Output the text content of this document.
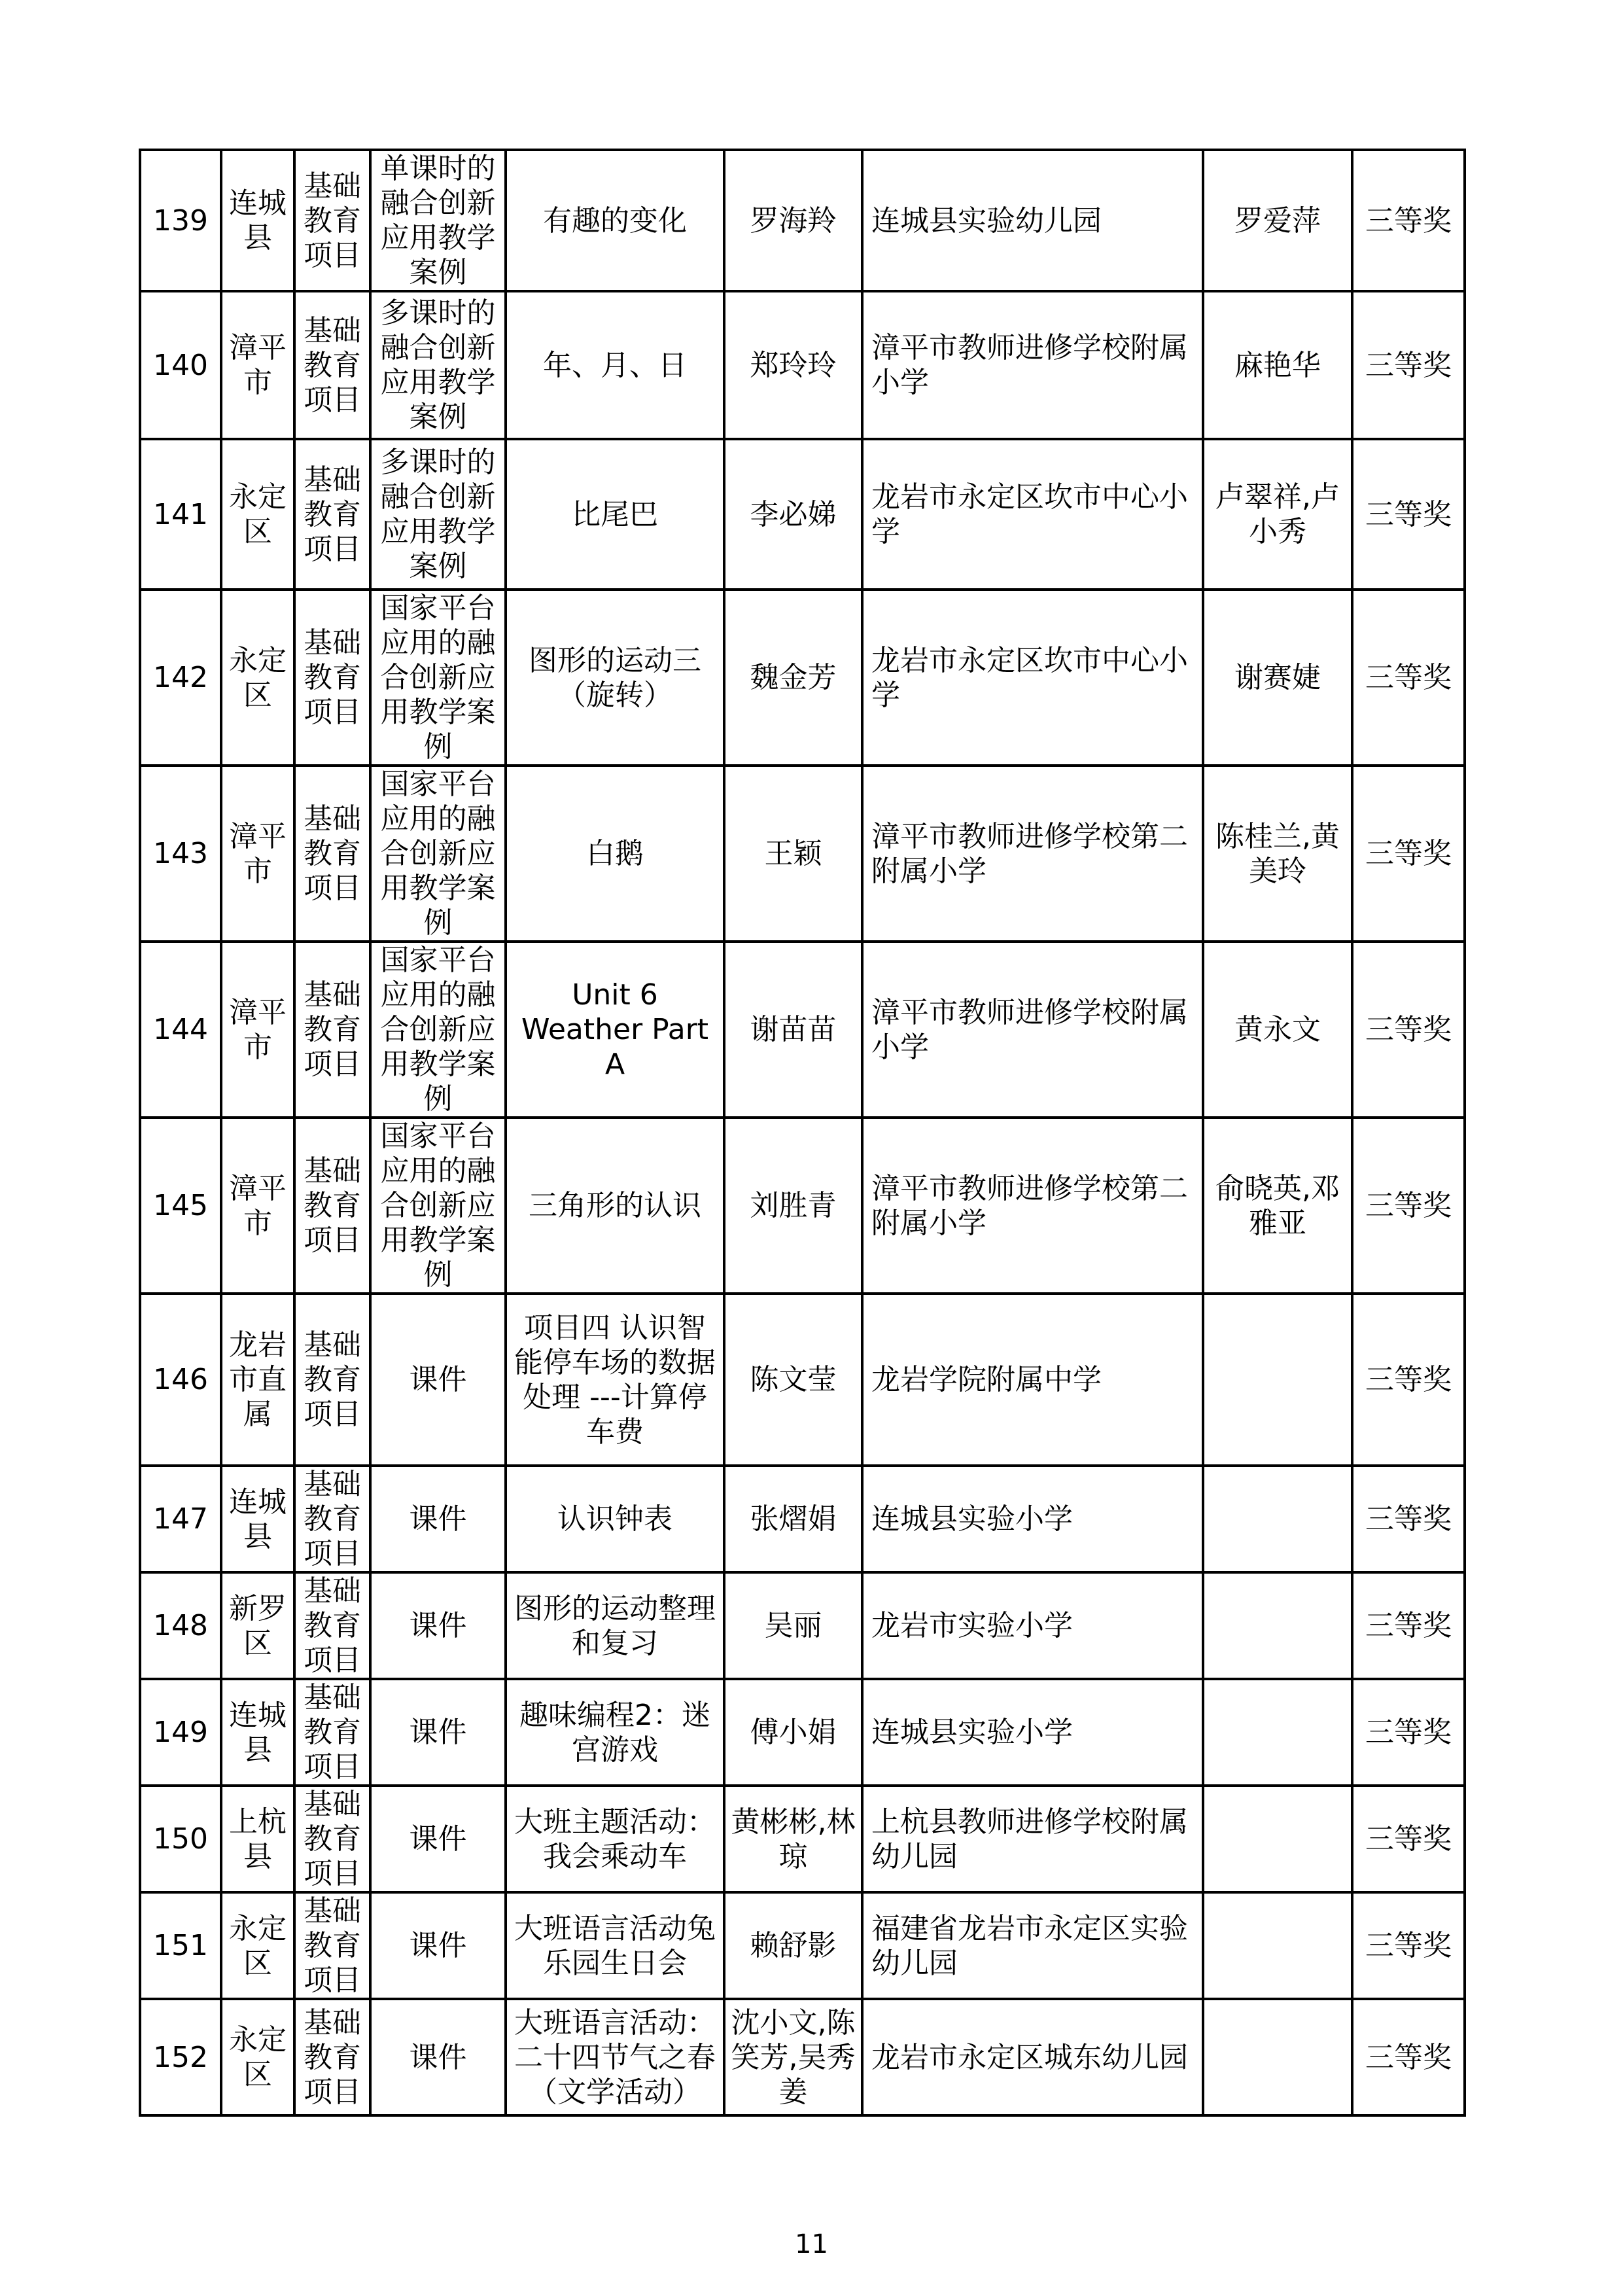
139	连城县	基础教育项目	单课时的融合创新应用教学案例	有趣的变化	罗海羚	连城县实验幼儿园	罗爱萍	三等奖
140	漳平市	基础教育项目	多课时的融合创新应用教学案例	年、月、日	郑玲玲	漳平市教师进修学校附属小学	麻艳华	三等奖
141	永定区	基础教育项目	多课时的融合创新应用教学案例	比尾巴	李必娣	龙岩市永定区坎市中心小学	卢翠祥,卢小秀	三等奖
142	永定区	基础教育项目	国家平台应用的融合创新应用教学案例	图形的运动三（旋转）	魏金芳	龙岩市永定区坎市中心小学	谢赛婕	三等奖
143	漳平市	基础教育项目	国家平台应用的融合创新应用教学案例	白鹅	王颖	漳平市教师进修学校第二附属小学	陈桂兰,黄美玲	三等奖
144	漳平市	基础教育项目	国家平台应用的融合创新应用教学案例	Unit 6 Weather Part A	谢苗苗	漳平市教师进修学校附属小学	黄永文	三等奖
145	漳平市	基础教育项目	国家平台应用的融合创新应用教学案例	三角形的认识	刘胜青	漳平市教师进修学校第二附属小学	俞晓英,邓雅亚	三等奖
146	龙岩市直属	基础教育项目	课件	项目四 认识智能停车场的数据处理 ---计算停车费	陈文莹	龙岩学院附属中学		三等奖
147	连城县	基础教育项目	课件	认识钟表	张熠娟	连城县实验小学		三等奖
148	新罗区	基础教育项目	课件	图形的运动整理和复习	吴丽	龙岩市实验小学		三等奖
149	连城县	基础教育项目	课件	趣味编程2：迷宫游戏	傅小娟	连城县实验小学		三等奖
150	上杭县	基础教育项目	课件	大班主题活动：我会乘动车	黄彬彬,林琼	上杭县教师进修学校附属幼儿园		三等奖
151	永定区	基础教育项目	课件	大班语言活动兔乐园生日会	赖舒影	福建省龙岩市永定区实验幼儿园		三等奖
152	永定区	基础教育项目	课件	大班语言活动：二十四节气之春（文学活动）	沈小文,陈笑芳,吴秀姜	龙岩市永定区城东幼儿园		三等奖
11
